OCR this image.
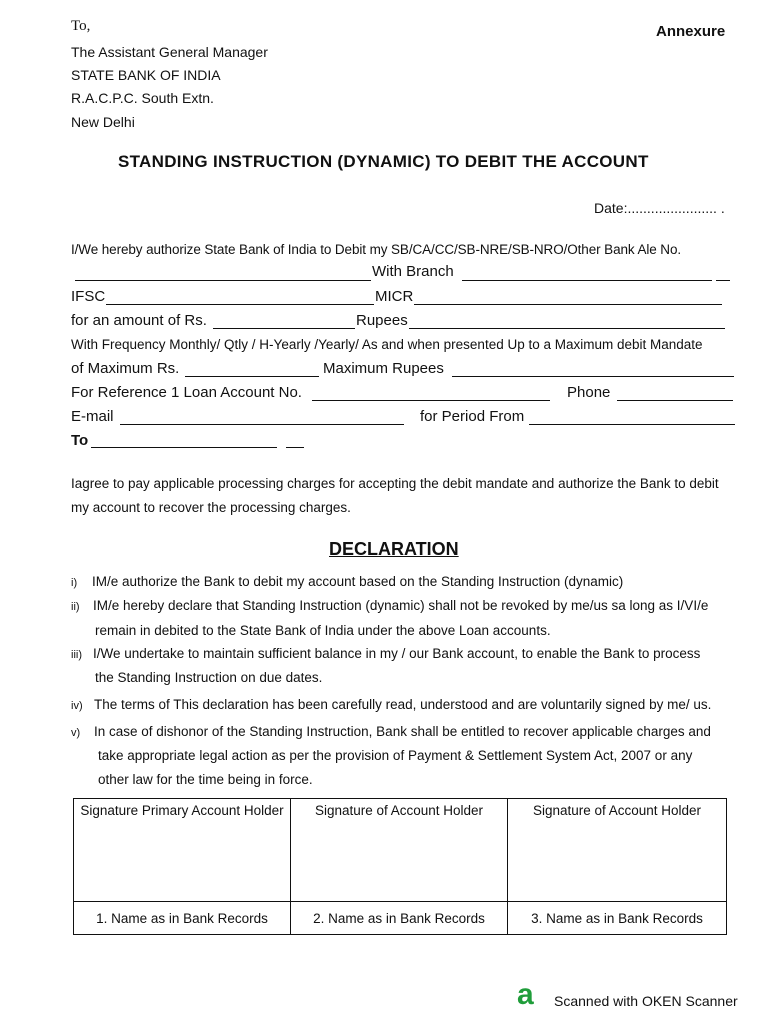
To,	Annexure
The Assistant General Manager
STATE BANK OF INDIA
R.A.C.P.C. South Extn.
New Delhi
STANDING INSTRUCTION (DYNAMIC) TO DEBIT THE ACCOUNT
Date:....................... .
I/We hereby authorize State Bank of India to Debit my SB/CA/CC/SB-NRE/SB-NRO/Other Bank Ale No.
With Branch
IFSC	MICR
for an amount of Rs.	Rupees
With Frequency Monthly/ Qtly / H-Yearly /Yearly/ As and when presented Up to a Maximum debit Mandate
of Maximum Rs.	Maximum Rupees
For Reference 1 Loan Account No.	Phone
E-mail	for Period From
To
Iagree to pay applicable processing charges for accepting the debit mandate and authorize the Bank to debit
my account to recover the processing charges.
DECLARATION
i) IM/e authorize the Bank to debit my account based on the Standing Instruction (dynamic)
ii) IM/e hereby declare that Standing Instruction (dynamic) shall not be revoked by me/us sa long as I/VI/e
remain in debited to the State Bank of India under the above Loan accounts.
iii) I/We undertake to maintain sufficient balance in my / our Bank account, to enable the Bank to process
the Standing Instruction on due dates.
iv) The terms of This declaration has been carefully read, understood and are voluntarily signed by me/ us.
v) In case of dishonor of the Standing Instruction, Bank shall be entitled to recover applicable charges and
take appropriate legal action as per the provision of Payment & Settlement System Act, 2007 or any
other law for the time being in force.
Signature Primary Account Holder	Signature of Account Holder	Signature of Account Holder
1. Name as in Bank Records	2. Name as in Bank Records	3. Name as in Bank Records
a Scanned with OKEN Scanner
